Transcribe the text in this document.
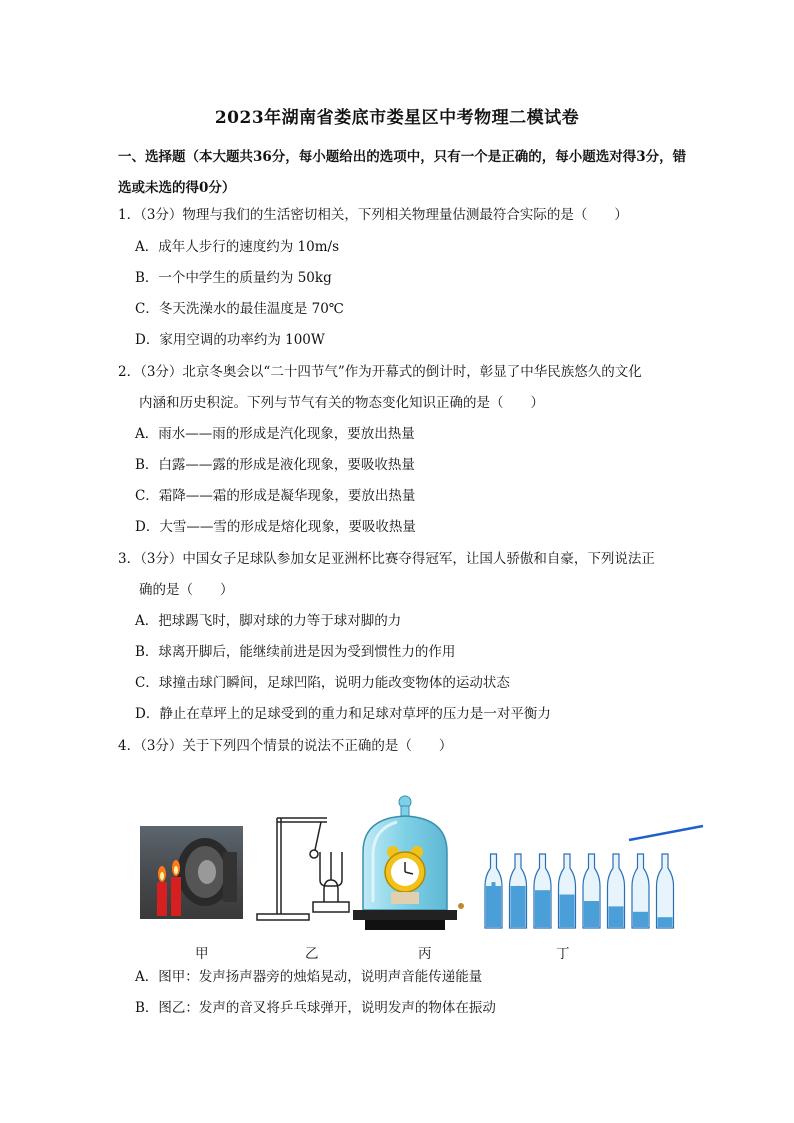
2023年湖南省娄底市娄星区中考物理二模试卷
一、选择题（本大题共36分，每小题给出的选项中，只有一个是正确的，每小题选对得3分，错选或未选的得0分）
1．（3分）物理与我们的生活密切相关，下列相关物理量估测最符合实际的是（　　）
A．成年人步行的速度约为 10m/s
B．一个中学生的质量约为 50kg
C．冬天洗澡水的最佳温度是 70℃
D．家用空调的功率约为 100W
2．（3分）北京冬奥会以“二十四节气”作为开幕式的倒计时，彰显了中华民族悠久的文化
内涵和历史积淀。下列与节气有关的物态变化知识正确的是（　　）
A．雨水——雨的形成是汽化现象，要放出热量
B．白露——露的形成是液化现象，要吸收热量
C．霜降——霜的形成是凝华现象，要放出热量
D．大雪——雪的形成是熔化现象，要吸收热量
3．（3分）中国女子足球队参加女足亚洲杯比赛夺得冠军，让国人骄傲和自豪，下列说法正
确的是（　　）
A．把球踢飞时，脚对球的力等于球对脚的力
B．球离开脚后，能继续前进是因为受到惯性力的作用
C．球撞击球门瞬间，足球凹陷，说明力能改变物体的运动状态
D．静止在草坪上的足球受到的重力和足球对草坪的压力是一对平衡力
4．（3分）关于下列四个情景的说法不正确的是（　　）
甲	乙	丙	丁
A．图甲：发声扬声器旁的烛焰晃动，说明声音能传递能量
B．图乙：发声的音叉将乒乓球弹开，说明发声的物体在振动
